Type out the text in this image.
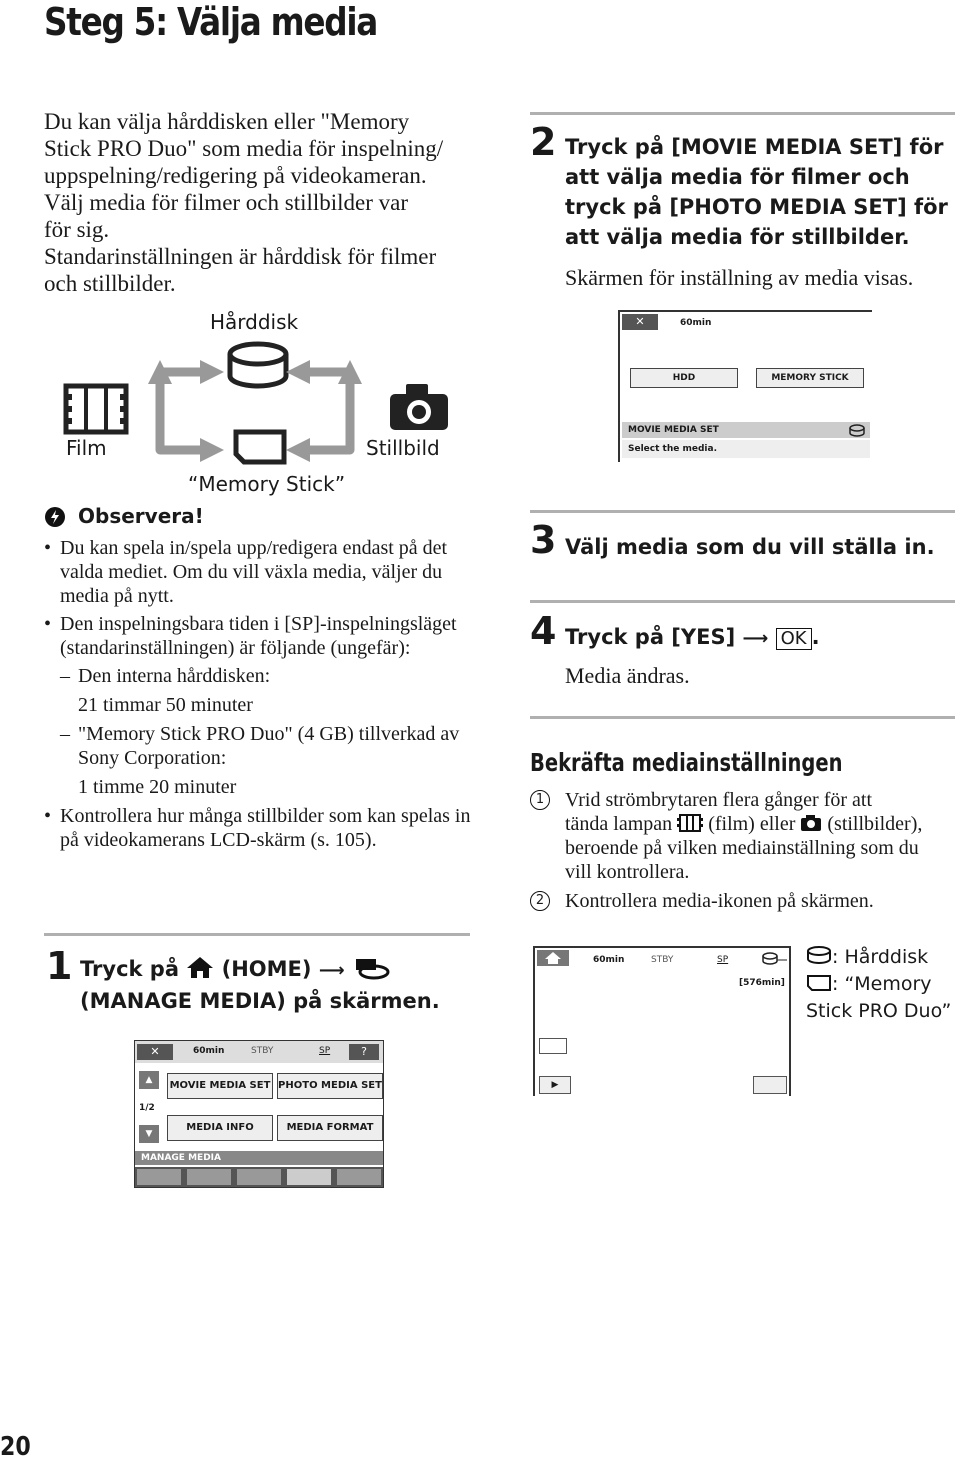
Steg 5: Välja media
Du kan välja hårddisken eller "Memory
Stick PRO Duo" som media för inspelning/
uppspelning/redigering på videokameran.
Välj media för filmer och stillbilder var
för sig.
Standarinställningen är hårddisk för filmer
och stillbilder.
Hårddisk
Film	Stillbild
“Memory Stick”
Observera!
• Du kan spela in/spela upp/redigera endast på det valda mediet. Om du vill växla media, väljer du media på nytt.
• Den inspelningsbara tiden i [SP]-inspelningsläget (standarinställningen) är följande (ungefär):
– Den interna hårddisken:
21 timmar 50 minuter
– "Memory Stick PRO Duo" (4 GB) tillverkad av Sony Corporation:
1 timme 20 minuter
• Kontrollera hur många stillbilder som kan spelas in på videokamerans LCD-skärm (s. 105).
1 Tryck på (HOME) ⟶
(MANAGE MEDIA) på skärmen.
✕	60min	STBY	SP	?
▲
1/2
▼
MOVIE MEDIA SET PHOTO MEDIA SET
MEDIA INFO	MEDIA FORMAT
MANAGE MEDIA
2 Tryck på [MOVIE MEDIA SET] för att välja media för filmer och tryck på [PHOTO MEDIA SET] för att välja media för stillbilder.
Skärmen för inställning av media visas.
✕	60min
HDD	MEMORY STICK
MOVIE MEDIA SET
Select the media.
3 Välj media som du vill ställa in.
4 Tryck på [YES] ⟶ OK .
Media ändras.
Bekräfta mediainställningen
1 Vrid strömbrytaren flera gånger för att
tända lampan (film) eller (stillbilder),
beroende på vilken mediainställning som du
vill kontrollera.
2 Kontrollera media-ikonen på skärmen.
60min	STBY	SP
[576min]
▶
: Hårddisk
: “Memory
Stick PRO Duo”
20
